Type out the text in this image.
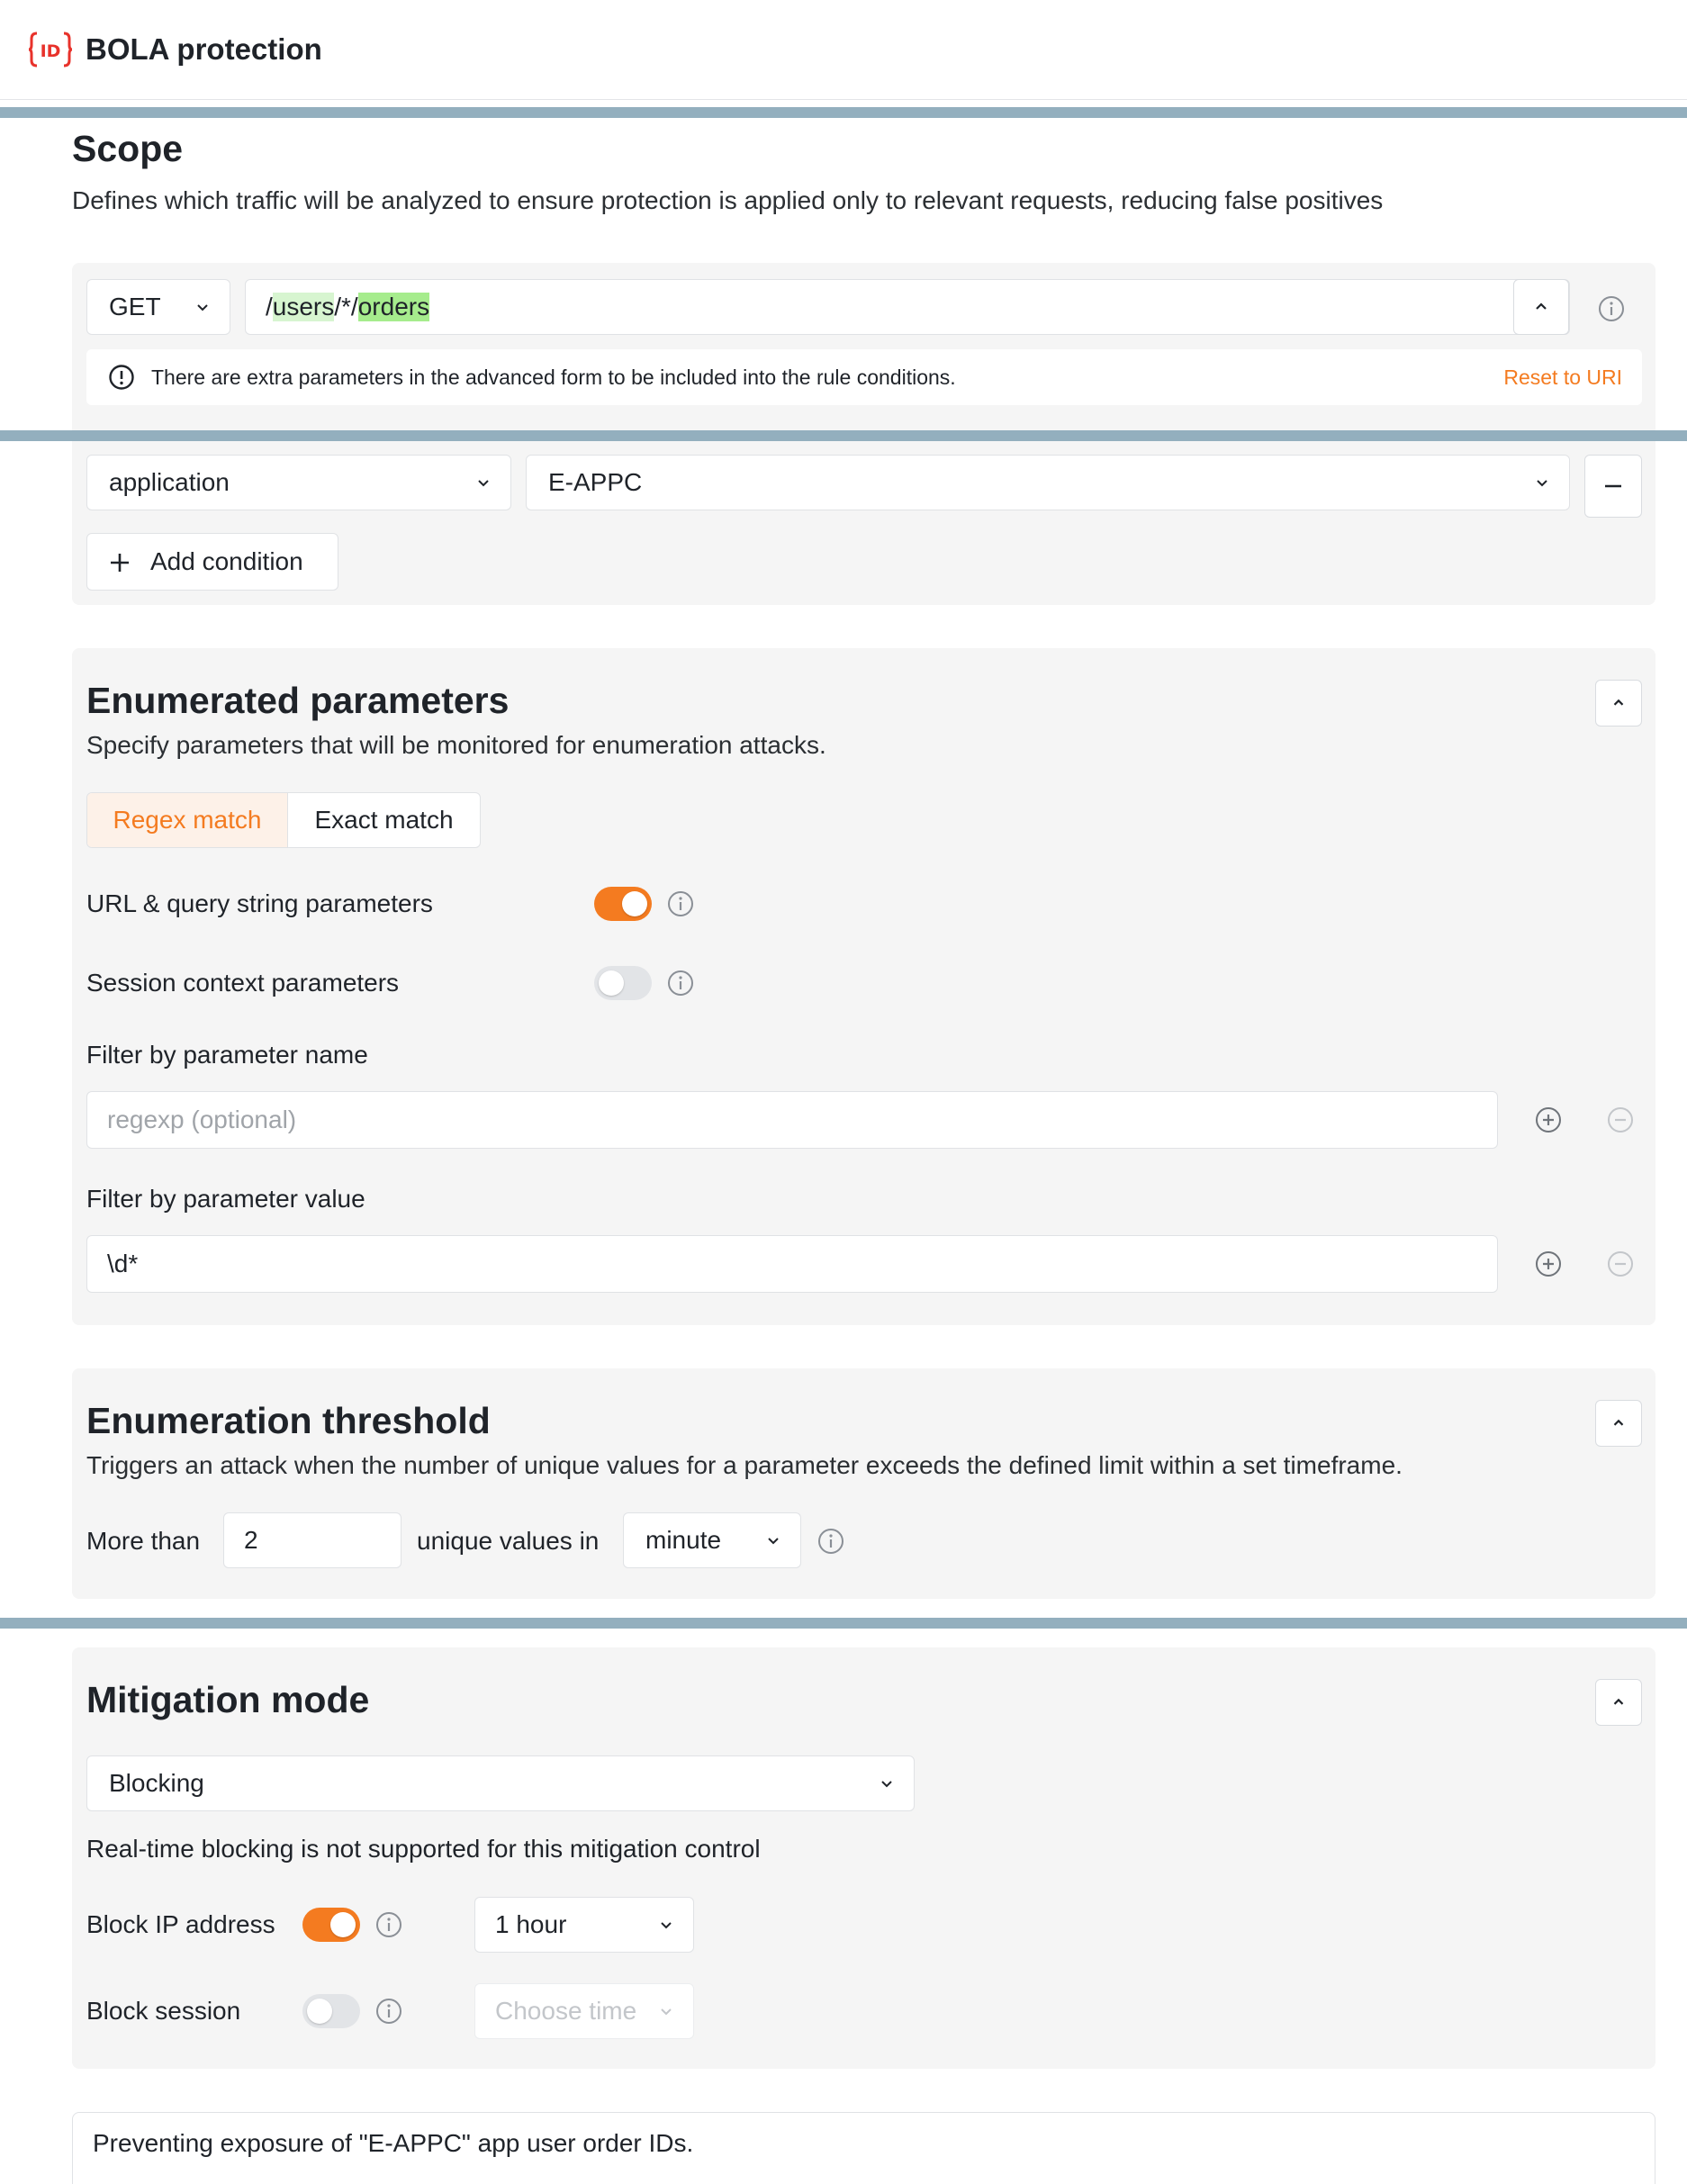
ID BOLA protection
Scope
Defines which traffic will be analyzed to ensure protection is applied only to relevant requests, reducing false positives
GET	/ users /*/ orders
There are extra parameters in the advanced form to be included into the rule conditions.	Reset to URI
application	E-APPC
Add condition
Enumerated parameters
Specify parameters that will be monitored for enumeration attacks.
Regex match	Exact match
URL & query string parameters
Session context parameters
Filter by parameter name
regexp (optional)
Filter by parameter value
\d*
Enumeration threshold
Triggers an attack when the number of unique values for a parameter exceeds the defined limit within a set timeframe.
More than 2	unique values in minute
Mitigation mode
Blocking
Real-time blocking is not supported for this mitigation control
Block IP address	1 hour
Block session	Choose time
Preventing exposure of "E-APPC" app user order IDs.
